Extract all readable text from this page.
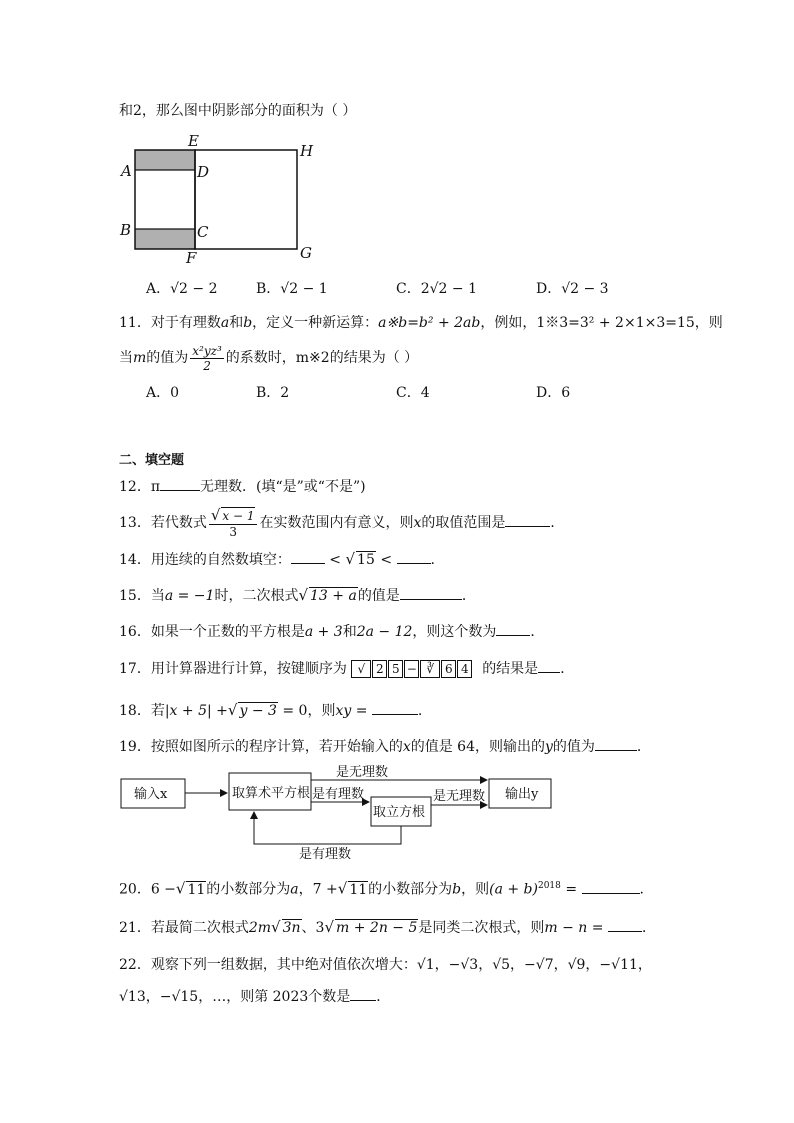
和2，那么图中阴影部分的面积为（ ）
E
H
A	D
B	C
F	G
A．√2 − 2	B．√2 − 1	C．2√2 − 1	D．√2 − 3
11．对于有理数a和b，定义一种新运算：a※b=b² + 2ab，例如，1※3=3² + 2×1×3=15，则
当m的值为 $\frac{\text{x²yz³}}{2}$ 的系数时，m※2的结果为（ ）
A．0	B．2	C．4	D．6
二、填空题
12．π	无理数．(填“是”或“不是”)
13．若代数式 $\frac{√ x - 1}{3}$ 在实数范围内有意义，则x的取值范围是	．
14．用连续的自然数填空：	< √ 15 <	.
15．当a = −1时，二次根式√ 13 + a的值是	．
16．如果一个正数的平方根是a + 3和2a − 12，则这个数为 ．
17．用计算器进行计算，按键顺序为 √ 2 5 − ∛ 6 4 的结果是 ．
18．若|x + 5| +√ y − 3 = 0，则xy =	.
19．按照如图所示的程序计算，若开始输入的x的值是 64，则输出的y的值为	．
输入x	取算术平方根
取立方根
输出y
是无理数
是有理数	是无理数
是有理数
20．6 −√ 11的小数部分为a，7 +√ 11的小数部分为b，则$(a + b)^{2018}$ =	.
21．若最简二次根式2m√ 3n、3√ m + 2n − 5是同类二次根式，则m − n =	．
22．观察下列一组数据，其中绝对值依次增大：√1，−√3，√5，−√7，√9，−√11，
√13，−√15，…，则第 2023个数是 ．
